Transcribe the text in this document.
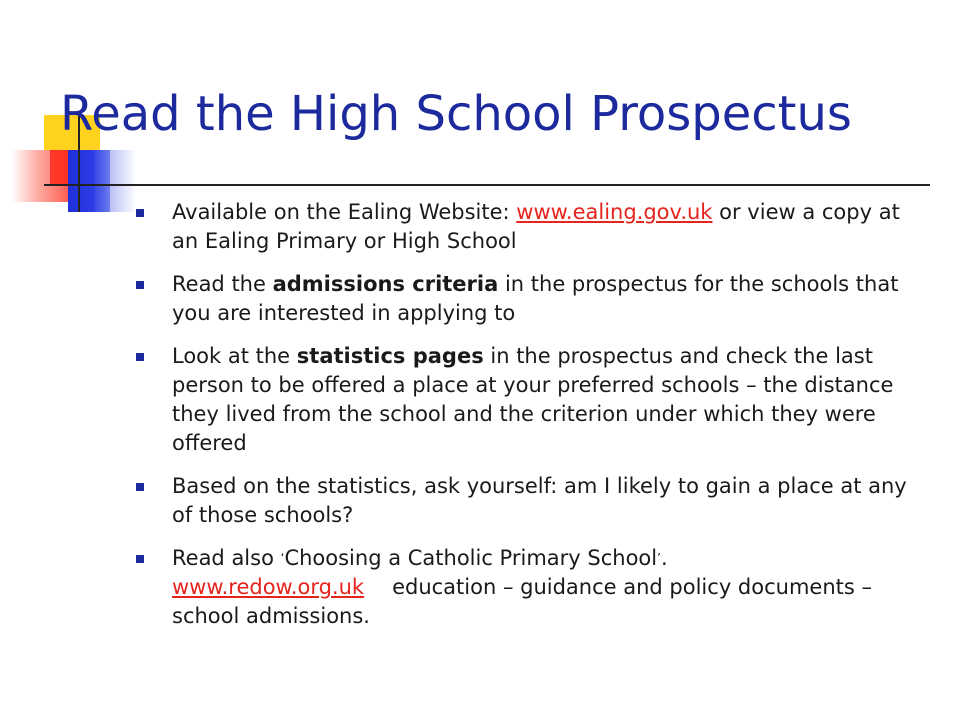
Read the High School Prospectus
Available on the Ealing Website: www.ealing.gov.uk or view a copy at an Ealing Primary or High School
Read the admissions criteria in the prospectus for the schools that you are interested in applying to
Look at the statistics pages in the prospectus and check the last person to be offered a place at your preferred schools – the distance they lived from the school and the criterion under which they were offered
Based on the statistics, ask yourself: am I likely to gain a place at any of those schools?
Read also ‘Choosing a Catholic Primary School’.
www.redow.org.uk education – guidance and policy documents – school admissions.
